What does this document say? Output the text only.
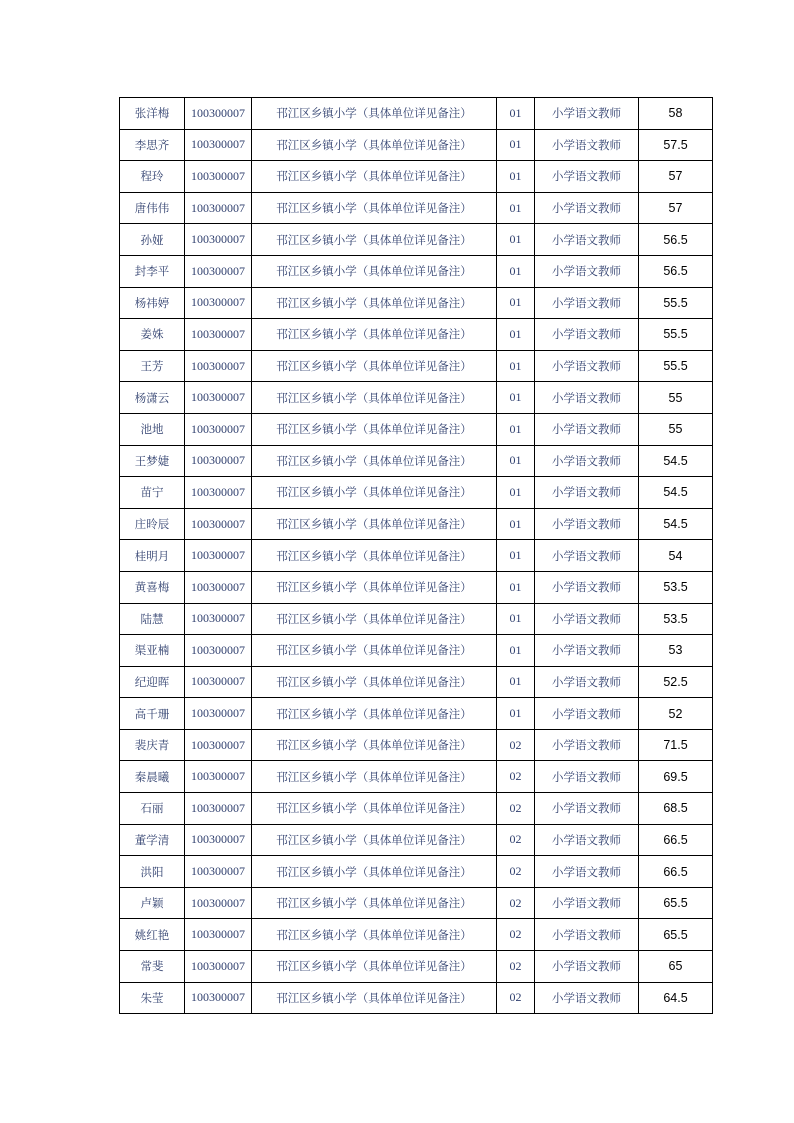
张洋梅	100300007	邗江区乡镇小学（具体单位详见备注）	01	小学语文教师	58
李思齐	100300007	邗江区乡镇小学（具体单位详见备注）	01	小学语文教师	57.5
程玲	100300007	邗江区乡镇小学（具体单位详见备注）	01	小学语文教师	57
唐伟伟	100300007	邗江区乡镇小学（具体单位详见备注）	01	小学语文教师	57
孙娅	100300007	邗江区乡镇小学（具体单位详见备注）	01	小学语文教师	56.5
封李平	100300007	邗江区乡镇小学（具体单位详见备注）	01	小学语文教师	56.5
杨祎婷	100300007	邗江区乡镇小学（具体单位详见备注）	01	小学语文教师	55.5
姜姝	100300007	邗江区乡镇小学（具体单位详见备注）	01	小学语文教师	55.5
王芳	100300007	邗江区乡镇小学（具体单位详见备注）	01	小学语文教师	55.5
杨潇云	100300007	邗江区乡镇小学（具体单位详见备注）	01	小学语文教师	55
池地	100300007	邗江区乡镇小学（具体单位详见备注）	01	小学语文教师	55
王梦婕	100300007	邗江区乡镇小学（具体单位详见备注）	01	小学语文教师	54.5
苗宁	100300007	邗江区乡镇小学（具体单位详见备注）	01	小学语文教师	54.5
庄昤辰	100300007	邗江区乡镇小学（具体单位详见备注）	01	小学语文教师	54.5
桂明月	100300007	邗江区乡镇小学（具体单位详见备注）	01	小学语文教师	54
黄喜梅	100300007	邗江区乡镇小学（具体单位详见备注）	01	小学语文教师	53.5
陆慧	100300007	邗江区乡镇小学（具体单位详见备注）	01	小学语文教师	53.5
渠亚楠	100300007	邗江区乡镇小学（具体单位详见备注）	01	小学语文教师	53
纪迎晖	100300007	邗江区乡镇小学（具体单位详见备注）	01	小学语文教师	52.5
高千珊	100300007	邗江区乡镇小学（具体单位详见备注）	01	小学语文教师	52
裴庆青	100300007	邗江区乡镇小学（具体单位详见备注）	02	小学语文教师	71.5
秦晨曦	100300007	邗江区乡镇小学（具体单位详见备注）	02	小学语文教师	69.5
石丽	100300007	邗江区乡镇小学（具体单位详见备注）	02	小学语文教师	68.5
董学清	100300007	邗江区乡镇小学（具体单位详见备注）	02	小学语文教师	66.5
洪阳	100300007	邗江区乡镇小学（具体单位详见备注）	02	小学语文教师	66.5
卢颖	100300007	邗江区乡镇小学（具体单位详见备注）	02	小学语文教师	65.5
姚红艳	100300007	邗江区乡镇小学（具体单位详见备注）	02	小学语文教师	65.5
常斐	100300007	邗江区乡镇小学（具体单位详见备注）	02	小学语文教师	65
朱莹	100300007	邗江区乡镇小学（具体单位详见备注）	02	小学语文教师	64.5
